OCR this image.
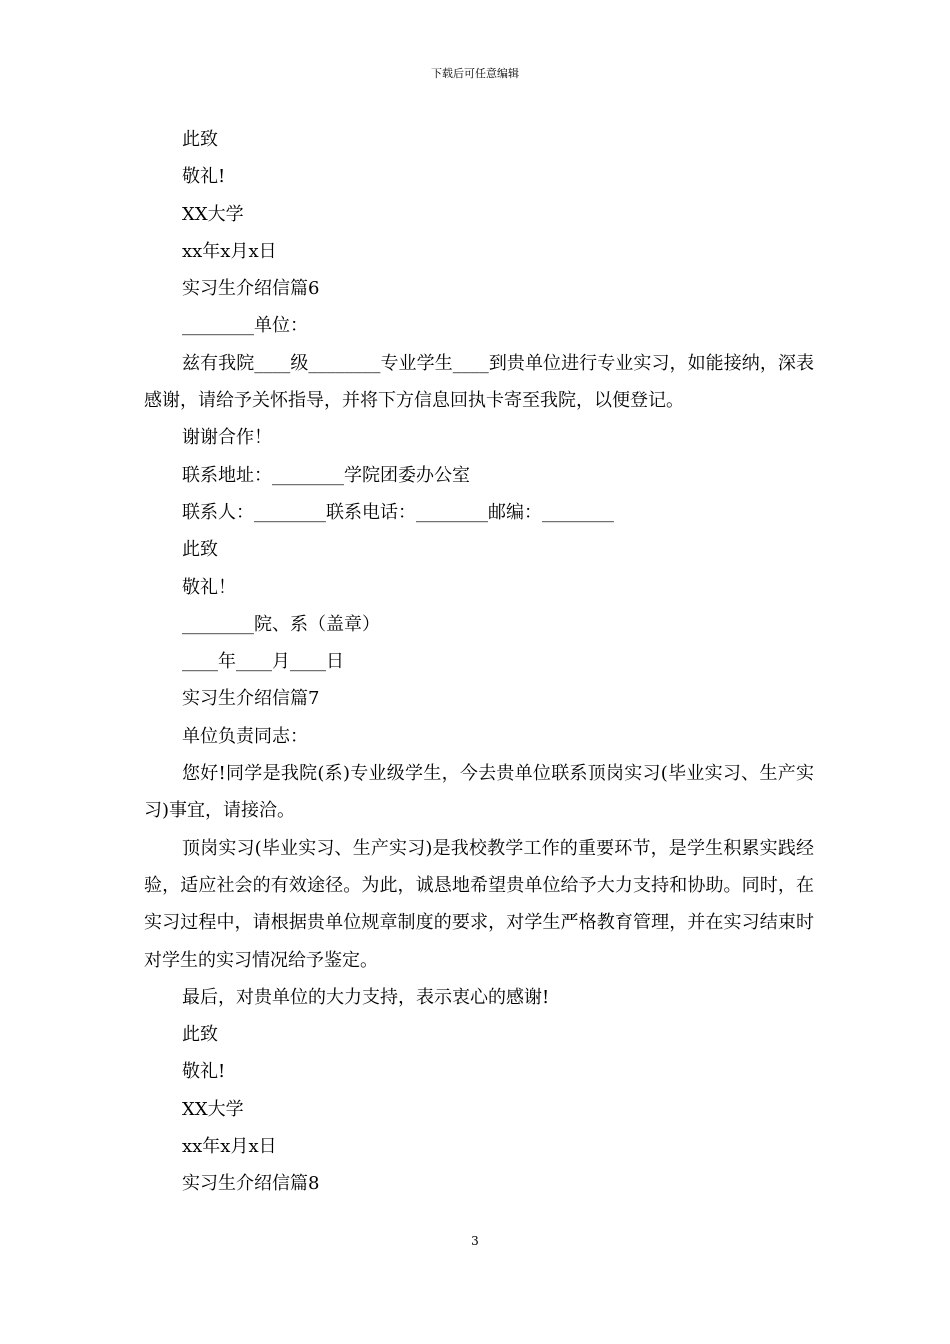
下载后可任意编辑

此致

敬礼!

XX大学

xx年x月x日

实习生介绍信篇6

________单位：

兹有我院____级________专业学生____到贵单位进行专业实习，如能接纳，深表感谢，请给予关怀指导，并将下方信息回执卡寄至我院，以便登记。

谢谢合作！

联系地址：________学院团委办公室

联系人：________联系电话：________邮编：________

此致

敬礼！

________院、系（盖章）

____年____月____日

实习生介绍信篇7

单位负责同志：

您好!同学是我院(系)专业级学生，今去贵单位联系顶岗实习(毕业实习、生产实习)事宜，请接洽。

顶岗实习(毕业实习、生产实习)是我校教学工作的重要环节，是学生积累实践经验，适应社会的有效途径。为此，诚恳地希望贵单位给予大力支持和协助。同时，在实习过程中，请根据贵单位规章制度的要求，对学生严格教育管理，并在实习结束时对学生的实习情况给予鉴定。

最后，对贵单位的大力支持，表示衷心的感谢!

此致

敬礼!

XX大学

xx年x月x日

实习生介绍信篇8

3
